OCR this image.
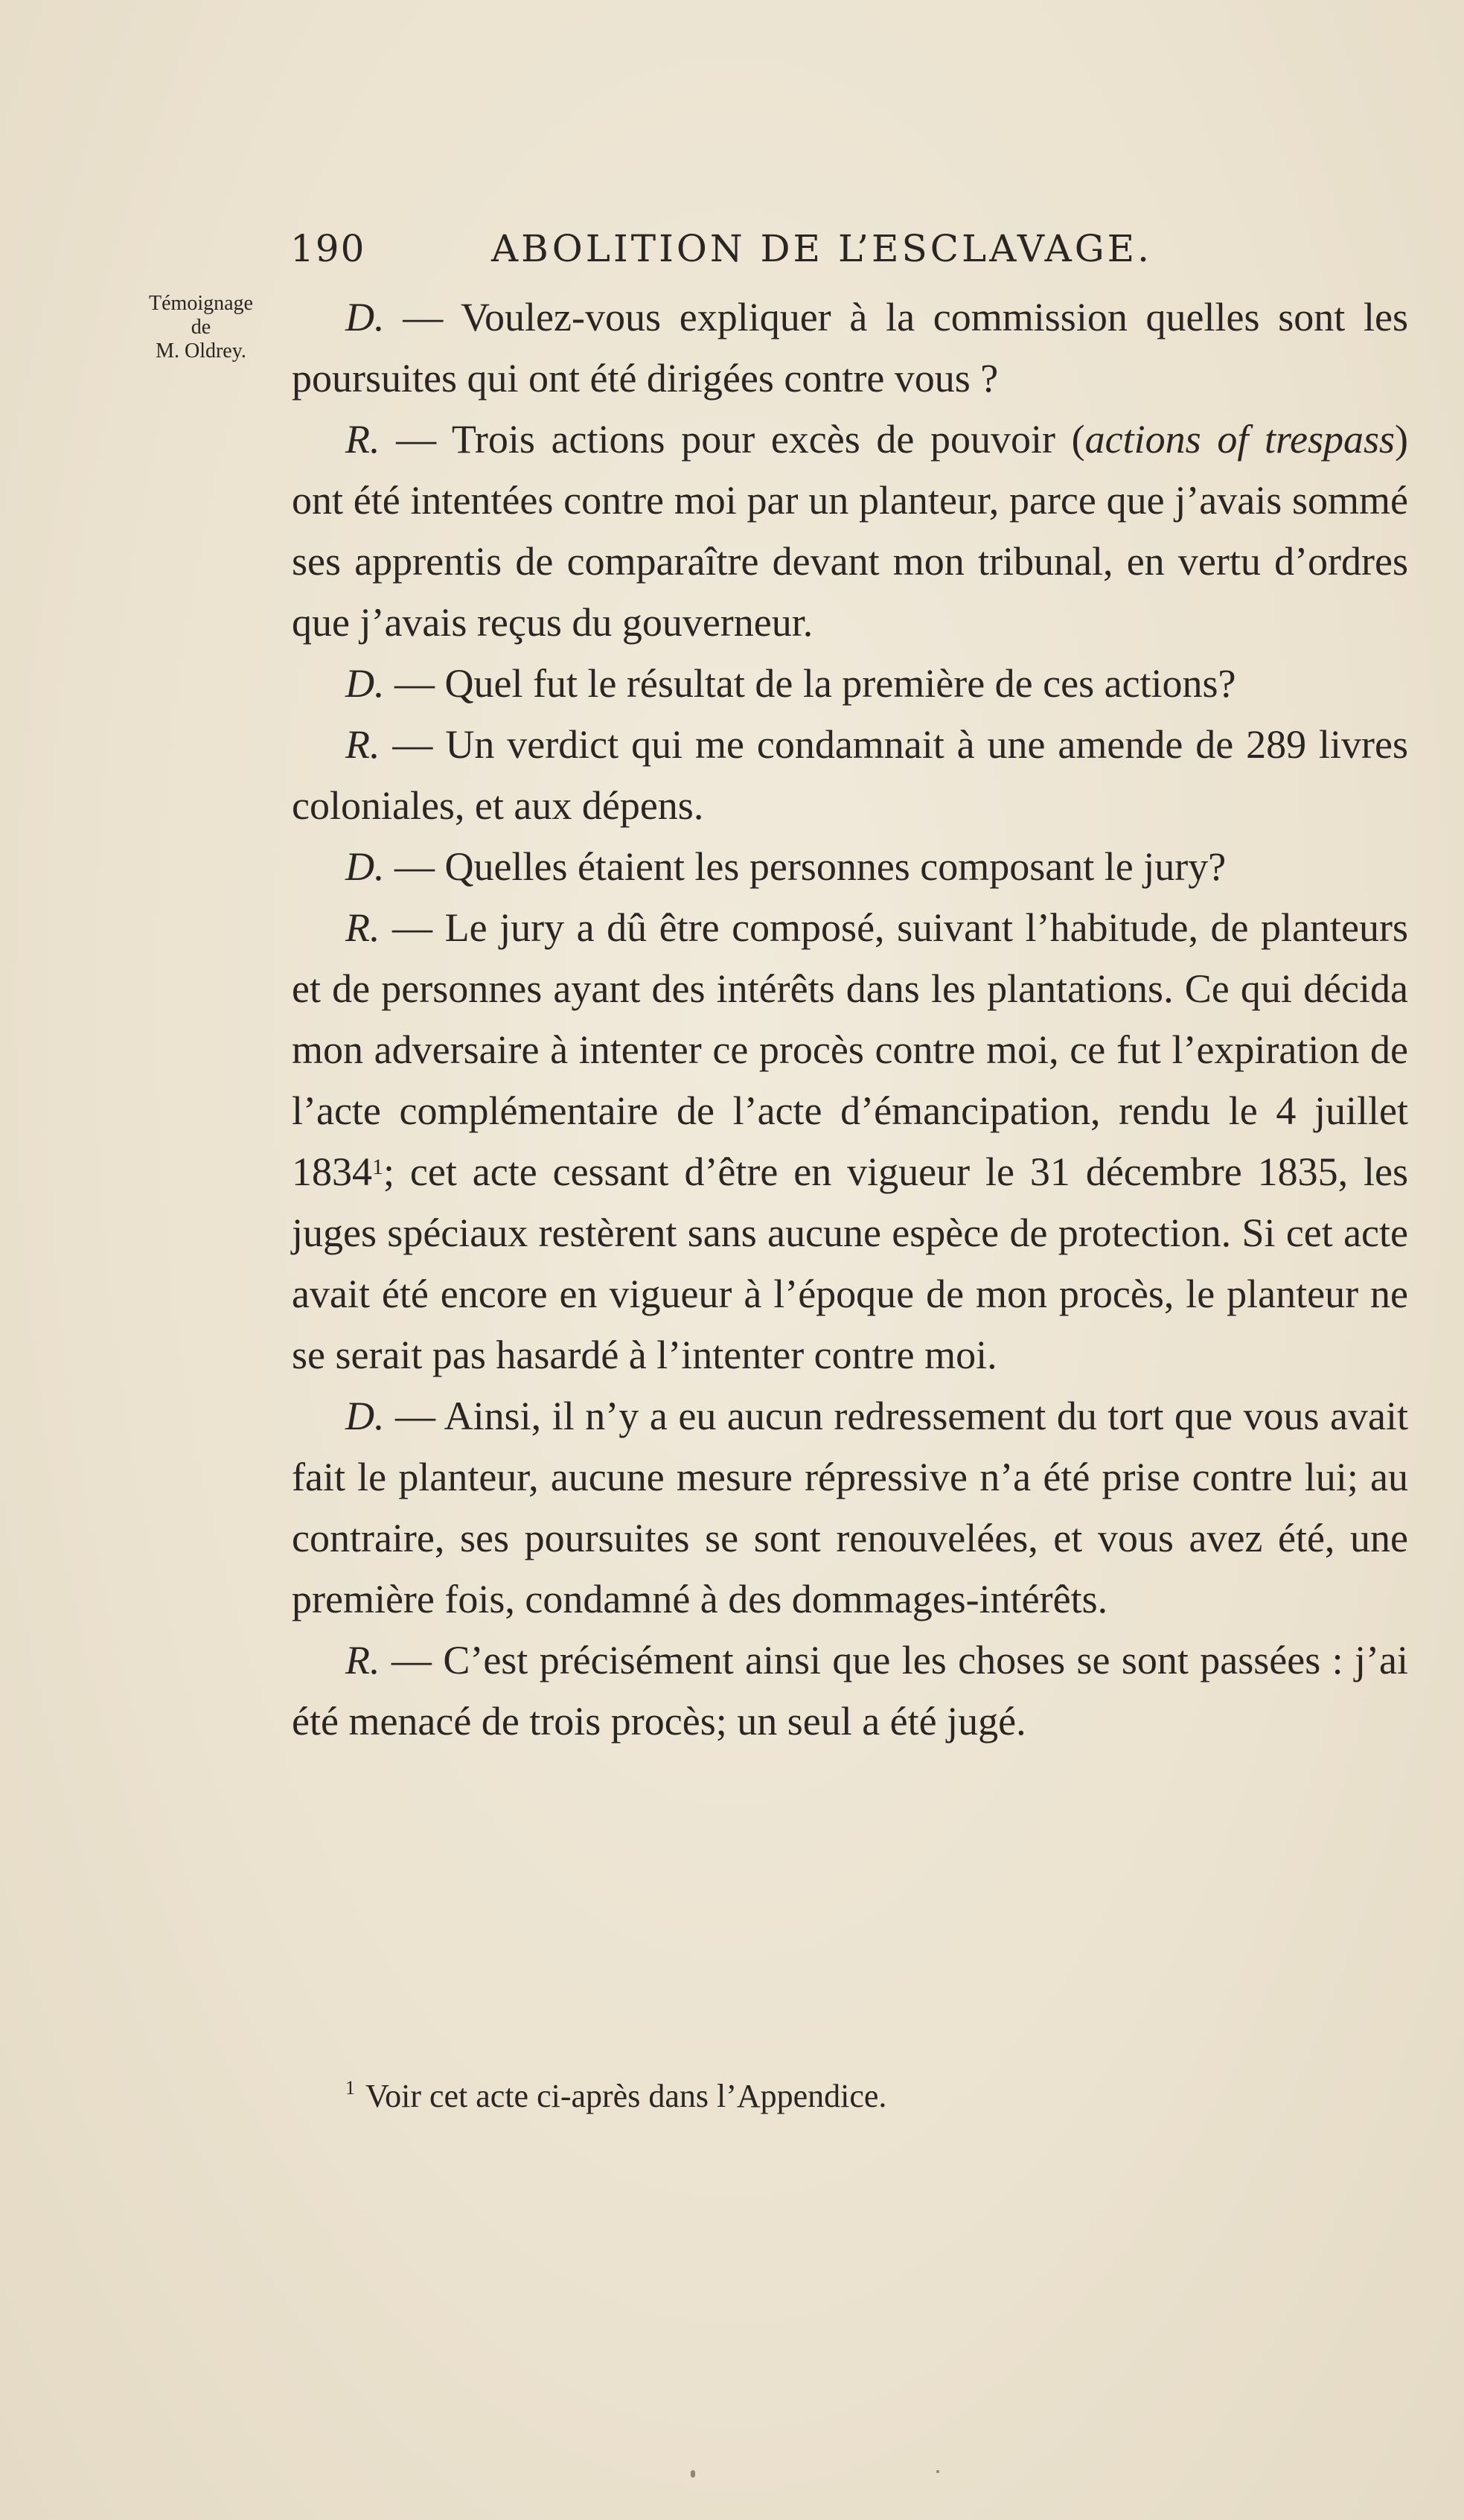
190	ABOLITION DE L’ESCLAVAGE.
Témoignage
de
M. Oldrey.

D. — Voulez-vous expliquer à la commission quelles sont les poursuites qui ont été dirigées contre vous ?

R. — Trois actions pour excès de pouvoir (actions of trespass) ont été intentées contre moi par un planteur, parce que j’avais sommé ses apprentis de comparaître devant mon tribunal, en vertu d’ordres que j’avais reçus du gouverneur.

D. — Quel fut le résultat de la première de ces actions?

R. — Un verdict qui me condamnait à une amende de 289 livres coloniales, et aux dépens.

D. — Quelles étaient les personnes composant le jury?

R. — Le jury a dû être composé, suivant l’habitude, de planteurs et de personnes ayant des intérêts dans les plantations. Ce qui décida mon adversaire à intenter ce procès contre moi, ce fut l’expiration de l’acte complémentaire de l’acte d’émancipation, rendu le 4 juillet 1834$^1$; cet acte cessant d’être en vigueur le 31 décembre 1835, les juges spéciaux restèrent sans aucune espèce de protection. Si cet acte avait été encore en vigueur à l’époque de mon procès, le planteur ne se serait pas hasardé à l’intenter contre moi.

D. — Ainsi, il n’y a eu aucun redressement du tort que vous avait fait le planteur, aucune mesure répressive n’a été prise contre lui; au contraire, ses poursuites se sont renouvelées, et vous avez été, une première fois, condamné à des dommages-intérêts.

R. — C’est précisément ainsi que les choses se sont passées : j’ai été menacé de trois procès; un seul a été jugé.

$^1$ Voir cet acte ci-après dans l’Appendice.
